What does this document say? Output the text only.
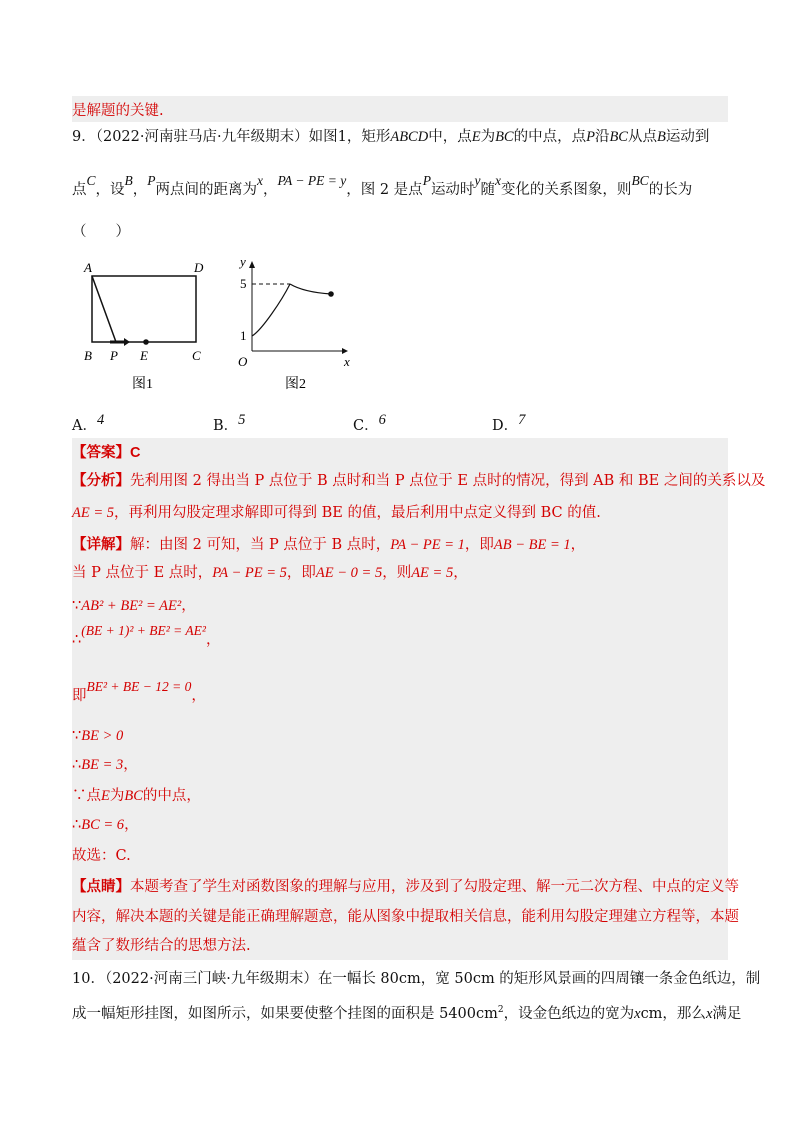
是解题的关键.
9．（2022·河南驻马店·九年级期末）如图1，矩形ABCD中，点E为BC的中点，点P沿BC从点B运动到
点C，设B，P两点间的距离为x，PA − PE = y，图 2 是点P运动时y随x变化的关系图象，则BC的长为
（　　）
A	D
B P E	C
图1
y
5
1
O	x
图2
A．4	B．5	C．6	D．7
【答案】C
【分析】先利用图 2 得出当 P 点位于 B 点时和当 P 点位于 E 点时的情况，得到 AB 和 BE 之间的关系以及
AE = 5，再利用勾股定理求解即可得到 BE 的值，最后利用中点定义得到 BC 的值.
【详解】解：由图 2 可知，当 P 点位于 B 点时，PA − PE = 1，即AB − BE = 1，
当 P 点位于 E 点时，PA − PE = 5，即AE − 0 = 5，则AE = 5，
∵AB² + BE² = AE²，
∴(BE + 1)² + BE² = AE²，
即BE² + BE − 12 = 0，
∵BE > 0
∴BE = 3，
∵点E为BC的中点，
∴BC = 6，
故选：C.
【点睛】本题考查了学生对函数图象的理解与应用，涉及到了勾股定理、解一元二次方程、中点的定义等
内容，解决本题的关键是能正确理解题意，能从图象中提取相关信息，能利用勾股定理建立方程等，本题
蕴含了数形结合的思想方法.
10．（2022·河南三门峡·九年级期末）在一幅长 80cm，宽 50cm 的矩形风景画的四周镶一条金色纸边，制
成一幅矩形挂图，如图所示，如果要使整个挂图的面积是 $5400cm^2$，设金色纸边的宽为xcm，那么x满足
